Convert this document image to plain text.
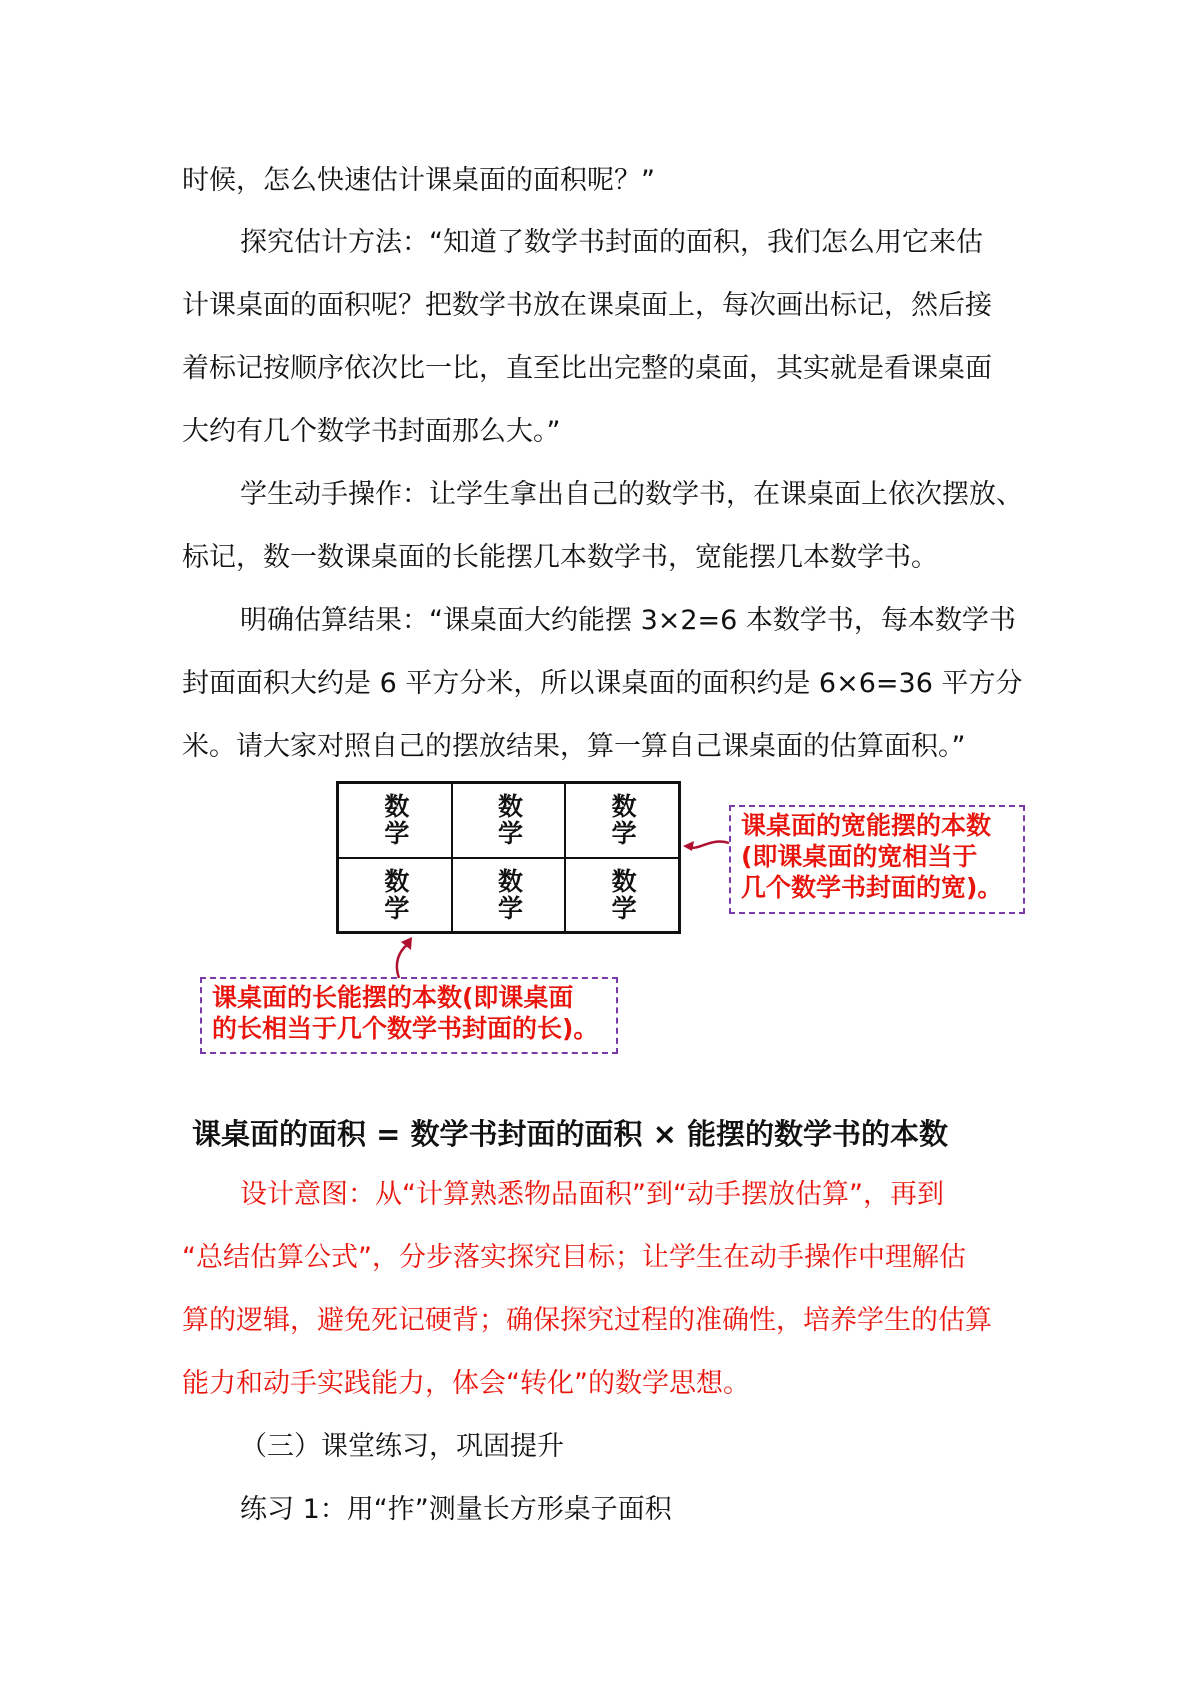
时候，怎么快速估计课桌面的面积呢？”
探究估计方法：“知道了数学书封面的面积，我们怎么用它来估
计课桌面的面积呢？把数学书放在课桌面上，每次画出标记，然后接
着标记按顺序依次比一比，直至比出完整的桌面，其实就是看课桌面
大约有几个数学书封面那么大。”
学生动手操作：让学生拿出自己的数学书，在课桌面上依次摆放、
标记，数一数课桌面的长能摆几本数学书，宽能摆几本数学书。
明确估算结果：“课桌面大约能摆 3×2=6 本数学书，每本数学书
封面面积大约是 6 平方分米，所以课桌面的面积约是 6×6=36 平方分
米。请大家对照自己的摆放结果，算一算自己课桌面的估算面积。”
数学	数学	数学
数学	数学	数学
课桌面的宽能摆的本数
(即课桌面的宽相当于
几个数学书封面的宽)。
课桌面的长能摆的本数(即课桌面
的长相当于几个数学书封面的长)。
课桌面的面积 = 数学书封面的面积 × 能摆的数学书的本数
设计意图：从“计算熟悉物品面积”到“动手摆放估算”，再到
“总结估算公式”，分步落实探究目标；让学生在动手操作中理解估
算的逻辑，避免死记硬背；确保探究过程的准确性，培养学生的估算
能力和动手实践能力，体会“转化”的数学思想。
（三）课堂练习，巩固提升
练习 1：用“拃”测量长方形桌子面积
